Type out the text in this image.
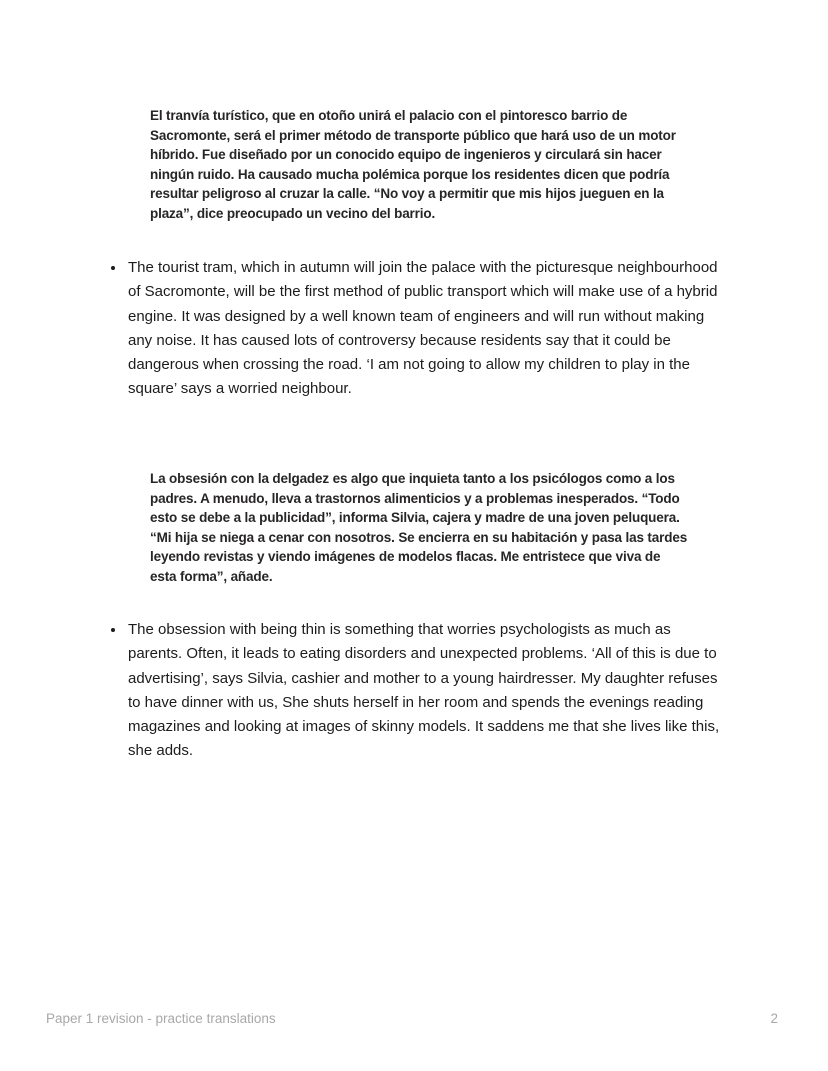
El tranvía turístico, que en otoño unirá el palacio con el pintoresco barrio de Sacromonte, será el primer método de transporte público que hará uso de un motor híbrido. Fue diseñado por un conocido equipo de ingenieros y circulará sin hacer ningún ruido. Ha causado mucha polémica porque los residentes dicen que podría resultar peligroso al cruzar la calle. “No voy a permitir que mis hijos jueguen en la plaza”, dice preocupado un vecino del barrio.
• The tourist tram, which in autumn will join the palace with the picturesque neighbourhood of Sacromonte, will be the first method of public transport which will make use of a hybrid engine. It was designed by a well known team of engineers and will run without making any noise. It has caused lots of controversy because residents say that it could be dangerous when crossing the road. ‘I am not going to allow my children to play in the square’ says a worried neighbour.
La obsesión con la delgadez es algo que inquieta tanto a los psicólogos como a los padres. A menudo, lleva a trastornos alimenticios y a problemas inesperados. “Todo esto se debe a la publicidad”, informa Silvia, cajera y madre de una joven peluquera. “Mi hija se niega a cenar con nosotros. Se encierra en su habitación y pasa las tardes leyendo revistas y viendo imágenes de modelos flacas. Me entristece que viva de esta forma”, añade.
• The obsession with being thin is something that worries psychologists as much as parents. Often, it leads to eating disorders and unexpected problems. ‘All of this is due to advertising’, says Silvia, cashier and mother to a young hairdresser. My daughter refuses to have dinner with us, She shuts herself in her room and spends the evenings reading magazines and looking at images of skinny models. It saddens me that she lives like this, she adds.
Paper 1 revision - practice translations	2
